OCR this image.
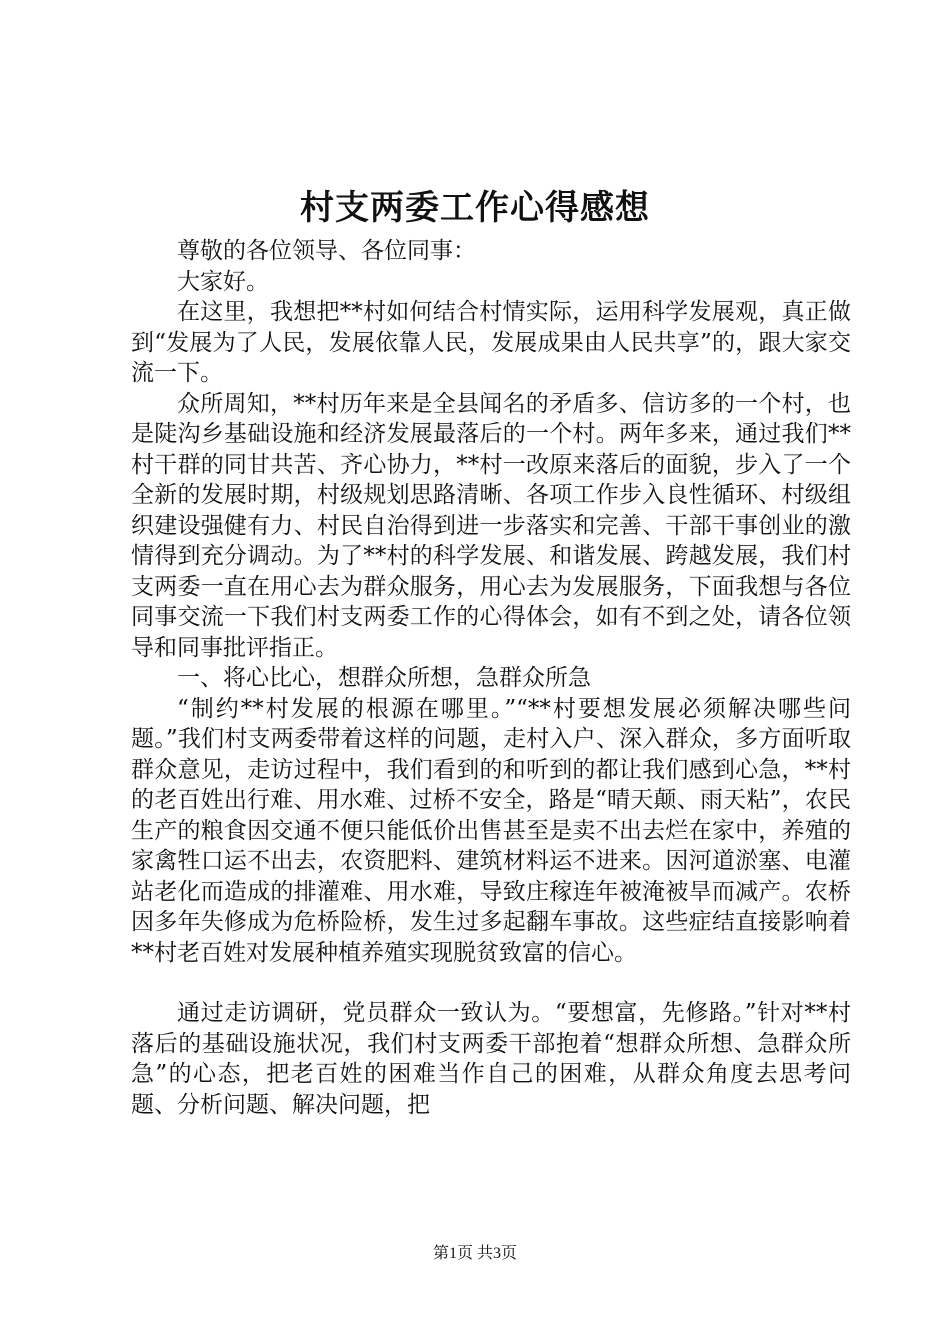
村支两委工作心得感想

尊敬的各位领导、各位同事：

大家好。

在这里，我想把**村如何结合村情实际，运用科学发展观，真正做到“发展为了人民，发展依靠人民，发展成果由人民共享”的，跟大家交流一下。

众所周知，**村历年来是全县闻名的矛盾多、信访多的一个村，也是陡沟乡基础设施和经济发展最落后的一个村。两年多来，通过我们**村干群的同甘共苦、齐心协力，**村一改原来落后的面貌，步入了一个全新的发展时期，村级规划思路清晰、各项工作步入良性循环、村级组织建设强健有力、村民自治得到进一步落实和完善、干部干事创业的激情得到充分调动。为了**村的科学发展、和谐发展、跨越发展，我们村支两委一直在用心去为群众服务，用心去为发展服务，下面我想与各位同事交流一下我们村支两委工作的心得体会，如有不到之处，请各位领导和同事批评指正。

一、将心比心，想群众所想，急群众所急

“制约**村发展的根源在哪里。”“**村要想发展必须解决哪些问题。”我们村支两委带着这样的问题，走村入户、深入群众，多方面听取群众意见，走访过程中，我们看到的和听到的都让我们感到心急，**村的老百姓出行难、用水难、过桥不安全，路是“晴天颠、雨天粘”，农民生产的粮食因交通不便只能低价出售甚至是卖不出去烂在家中，养殖的家禽牲口运不出去，农资肥料、建筑材料运不进来。因河道淤塞、电灌站老化而造成的排灌难、用水难，导致庄稼连年被淹被旱而减产。农桥因多年失修成为危桥险桥，发生过多起翻车事故。这些症结直接影响着**村老百姓对发展种植养殖实现脱贫致富的信心。

通过走访调研，党员群众一致认为。“要想富，先修路。”针对**村落后的基础设施状况，我们村支两委干部抱着“想群众所想、急群众所急”的心态，把老百姓的困难当作自己的困难，从群众角度去思考问题、分析问题、解决问题，把

第1页 共3页
